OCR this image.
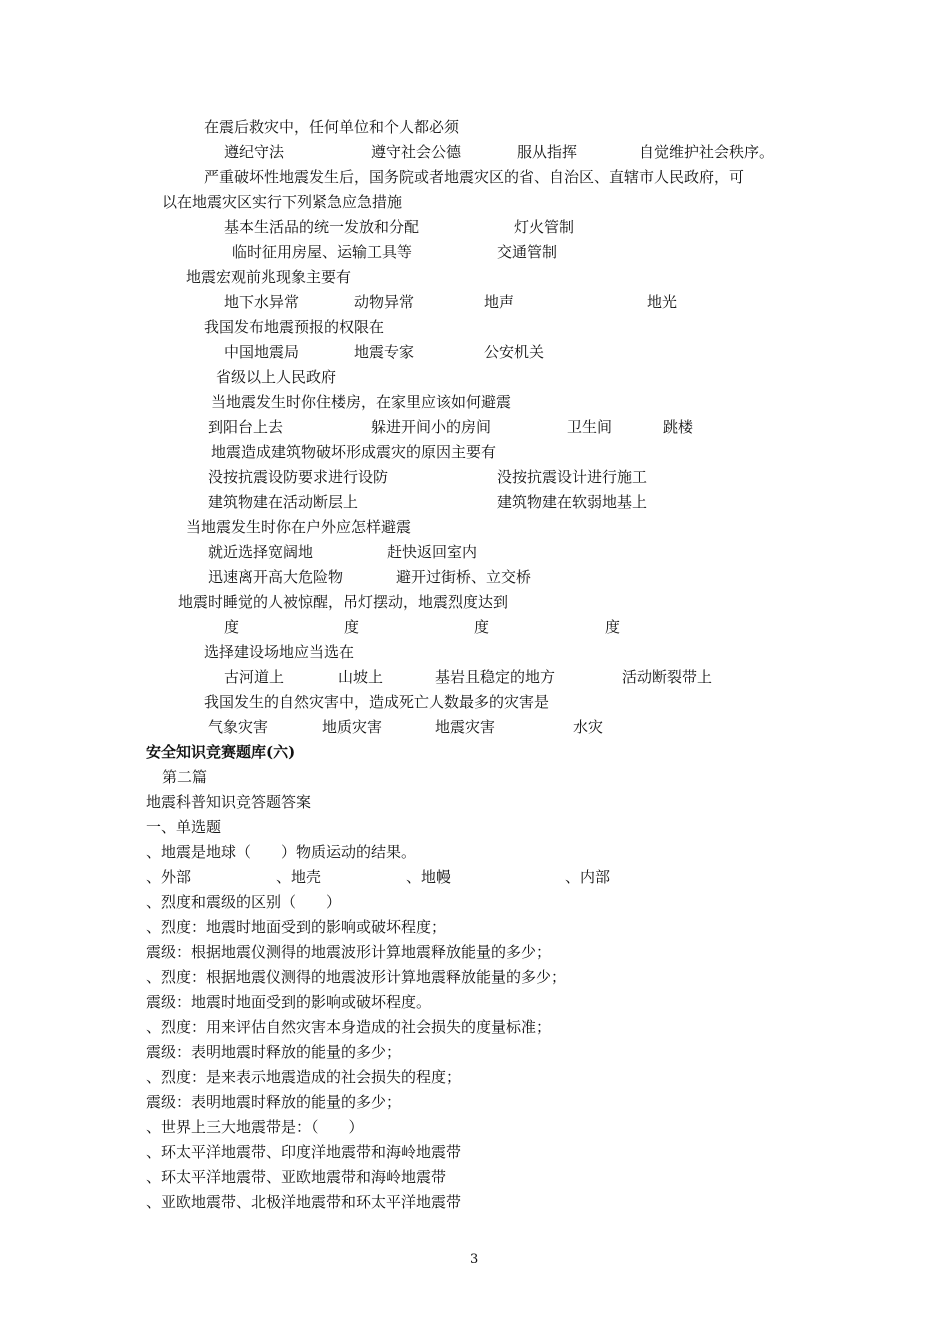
在震后救灾中，任何单位和个人都必须
遵纪守法	遵守社会公德	服从指挥	自觉维护社会秩序。
严重破坏性地震发生后，国务院或者地震灾区的省、自治区、直辖市人民政府，可
以在地震灾区实行下列紧急应急措施
基本生活品的统一发放和分配	灯火管制
临时征用房屋、运输工具等	交通管制
地震宏观前兆现象主要有
地下水异常	动物异常	地声	地光
我国发布地震预报的权限在
中国地震局	地震专家	公安机关
省级以上人民政府
当地震发生时你住楼房，在家里应该如何避震
到阳台上去	躲进开间小的房间	卫生间	跳楼
地震造成建筑物破坏形成震灾的原因主要有
没按抗震设防要求进行设防	没按抗震设计进行施工
建筑物建在活动断层上	建筑物建在软弱地基上
当地震发生时你在户外应怎样避震
就近选择宽阔地	赶快返回室内
迅速离开高大危险物	避开过街桥、立交桥
地震时睡觉的人被惊醒，吊灯摆动，地震烈度达到
度	度	度	度
选择建设场地应当选在
古河道上	山坡上	基岩且稳定的地方	活动断裂带上
我国发生的自然灾害中，造成死亡人数最多的灾害是
气象灾害	地质灾害	地震灾害	水灾
安全知识竞赛题库(六)
第二篇
地震科普知识竞答题答案
一、单选题
、地震是地球（　　）物质运动的结果。
、外部	、地壳	、地幔	、内部
、烈度和震级的区别（　　）
、烈度：地震时地面受到的影响或破坏程度；
震级：根据地震仪测得的地震波形计算地震释放能量的多少；
、烈度：根据地震仪测得的地震波形计算地震释放能量的多少；
震级：地震时地面受到的影响或破坏程度。
、烈度：用来评估自然灾害本身造成的社会损失的度量标准；
震级：表明地震时释放的能量的多少；
、烈度：是来表示地震造成的社会损失的程度；
震级：表明地震时释放的能量的多少；
、世界上三大地震带是：（　　）
、环太平洋地震带、印度洋地震带和海岭地震带
、环太平洋地震带、亚欧地震带和海岭地震带
、亚欧地震带、北极洋地震带和环太平洋地震带
3
